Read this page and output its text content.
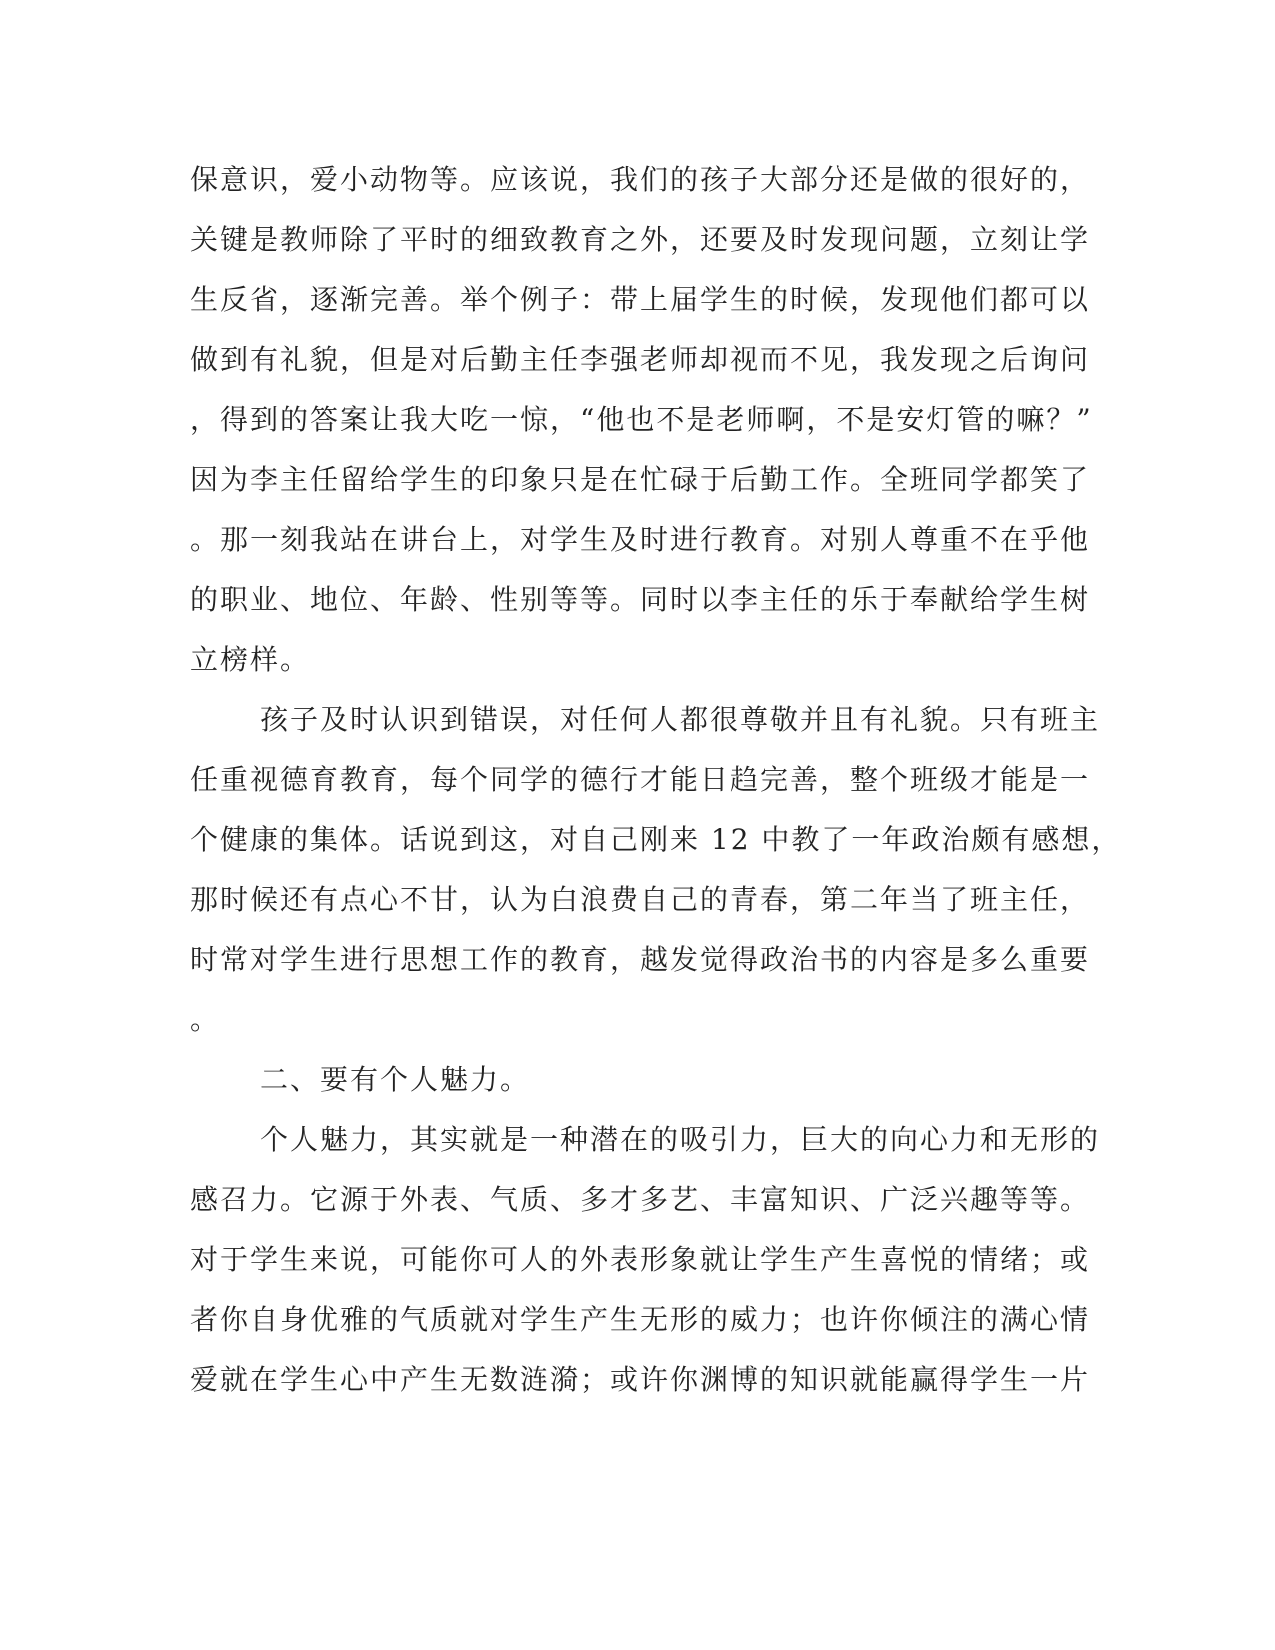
保意识，爱小动物等。应该说，我们的孩子大部分还是做的很好的，
关键是教师除了平时的细致教育之外，还要及时发现问题，立刻让学
生反省，逐渐完善。举个例子：带上届学生的时候，发现他们都可以
做到有礼貌，但是对后勤主任李强老师却视而不见，我发现之后询问
，得到的答案让我大吃一惊，“他也不是老师啊，不是安灯管的嘛？”
因为李主任留给学生的印象只是在忙碌于后勤工作。全班同学都笑了
。那一刻我站在讲台上，对学生及时进行教育。对别人尊重不在乎他
的职业、地位、年龄、性别等等。同时以李主任的乐于奉献给学生树
立榜样。
孩子及时认识到错误，对任何人都很尊敬并且有礼貌。只有班主
任重视德育教育，每个同学的德行才能日趋完善，整个班级才能是一
个健康的集体。话说到这，对自己刚来 12 中教了一年政治颇有感想，
那时候还有点心不甘，认为白浪费自己的青春，第二年当了班主任，
时常对学生进行思想工作的教育，越发觉得政治书的内容是多么重要
。
二、要有个人魅力。
个人魅力，其实就是一种潜在的吸引力，巨大的向心力和无形的
感召力。它源于外表、气质、多才多艺、丰富知识、广泛兴趣等等。
对于学生来说，可能你可人的外表形象就让学生产生喜悦的情绪；或
者你自身优雅的气质就对学生产生无形的威力；也许你倾注的满心情
爱就在学生心中产生无数涟漪；或许你渊博的知识就能赢得学生一片
